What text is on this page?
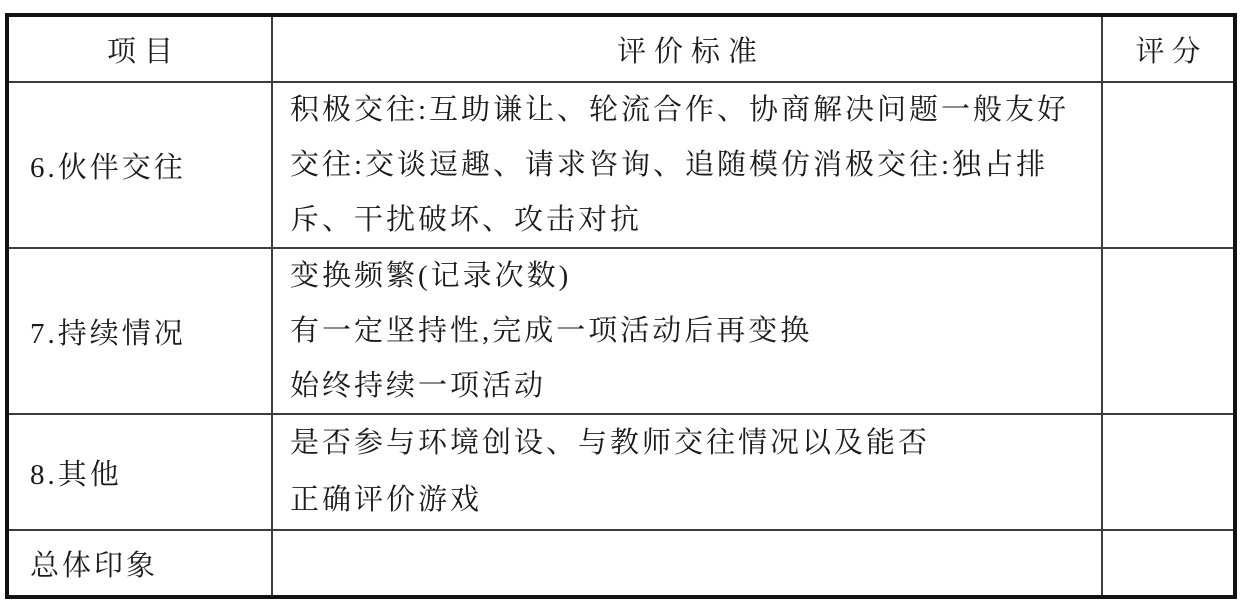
项目	评价标准	评分
6.伙伴交往
积极交往:互助谦让、轮流合作、协商解决问题一般友好
交往:交谈逗趣、请求咨询、追随模仿消极交往:独占排
斥、干扰破坏、攻击对抗
7.持续情况
变换频繁(记录次数)
有一定坚持性,完成一项活动后再变换
始终持续一项活动
8.其他
是否参与环境创设、与教师交往情况以及能否
正确评价游戏
总体印象
